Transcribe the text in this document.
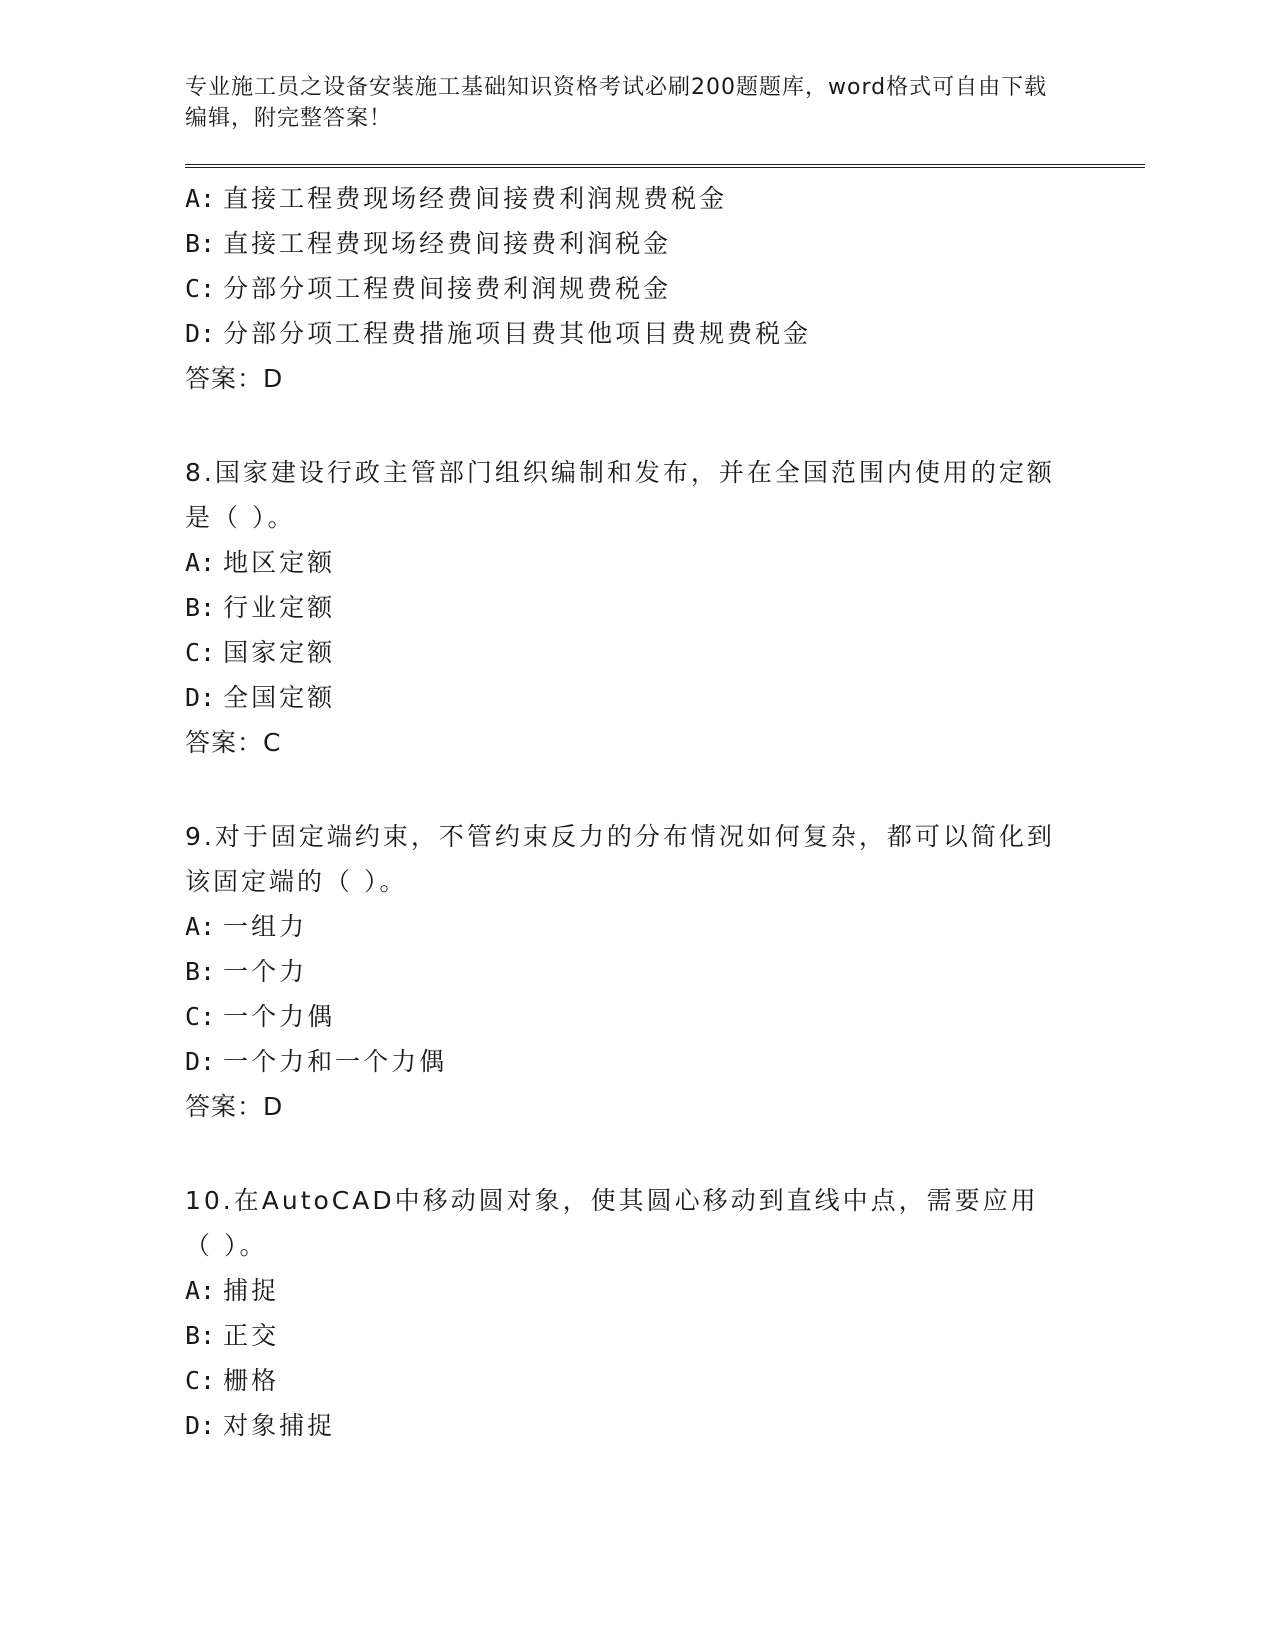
专业施工员之设备安装施工基础知识资格考试必刷200题题库，word格式可自由下载编辑，附完整答案！

A: 直接工程费现场经费间接费利润规费税金

B: 直接工程费现场经费间接费利润税金

C: 分部分项工程费间接费利润规费税金

D: 分部分项工程费措施项目费其他项目费规费税金

答案：D

8.国家建设行政主管部门组织编制和发布，并在全国范围内使用的定额是（ ）。

A: 地区定额

B: 行业定额

C: 国家定额

D: 全国定额

答案：C

9.对于固定端约束，不管约束反力的分布情况如何复杂，都可以简化到该固定端的（ ）。

A: 一组力

B: 一个力

C: 一个力偶

D: 一个力和一个力偶

答案：D

10.在AutoCAD中移动圆对象，使其圆心移动到直线中点，需要应用（ ）。

A: 捕捉

B: 正交

C: 栅格

D: 对象捕捉
